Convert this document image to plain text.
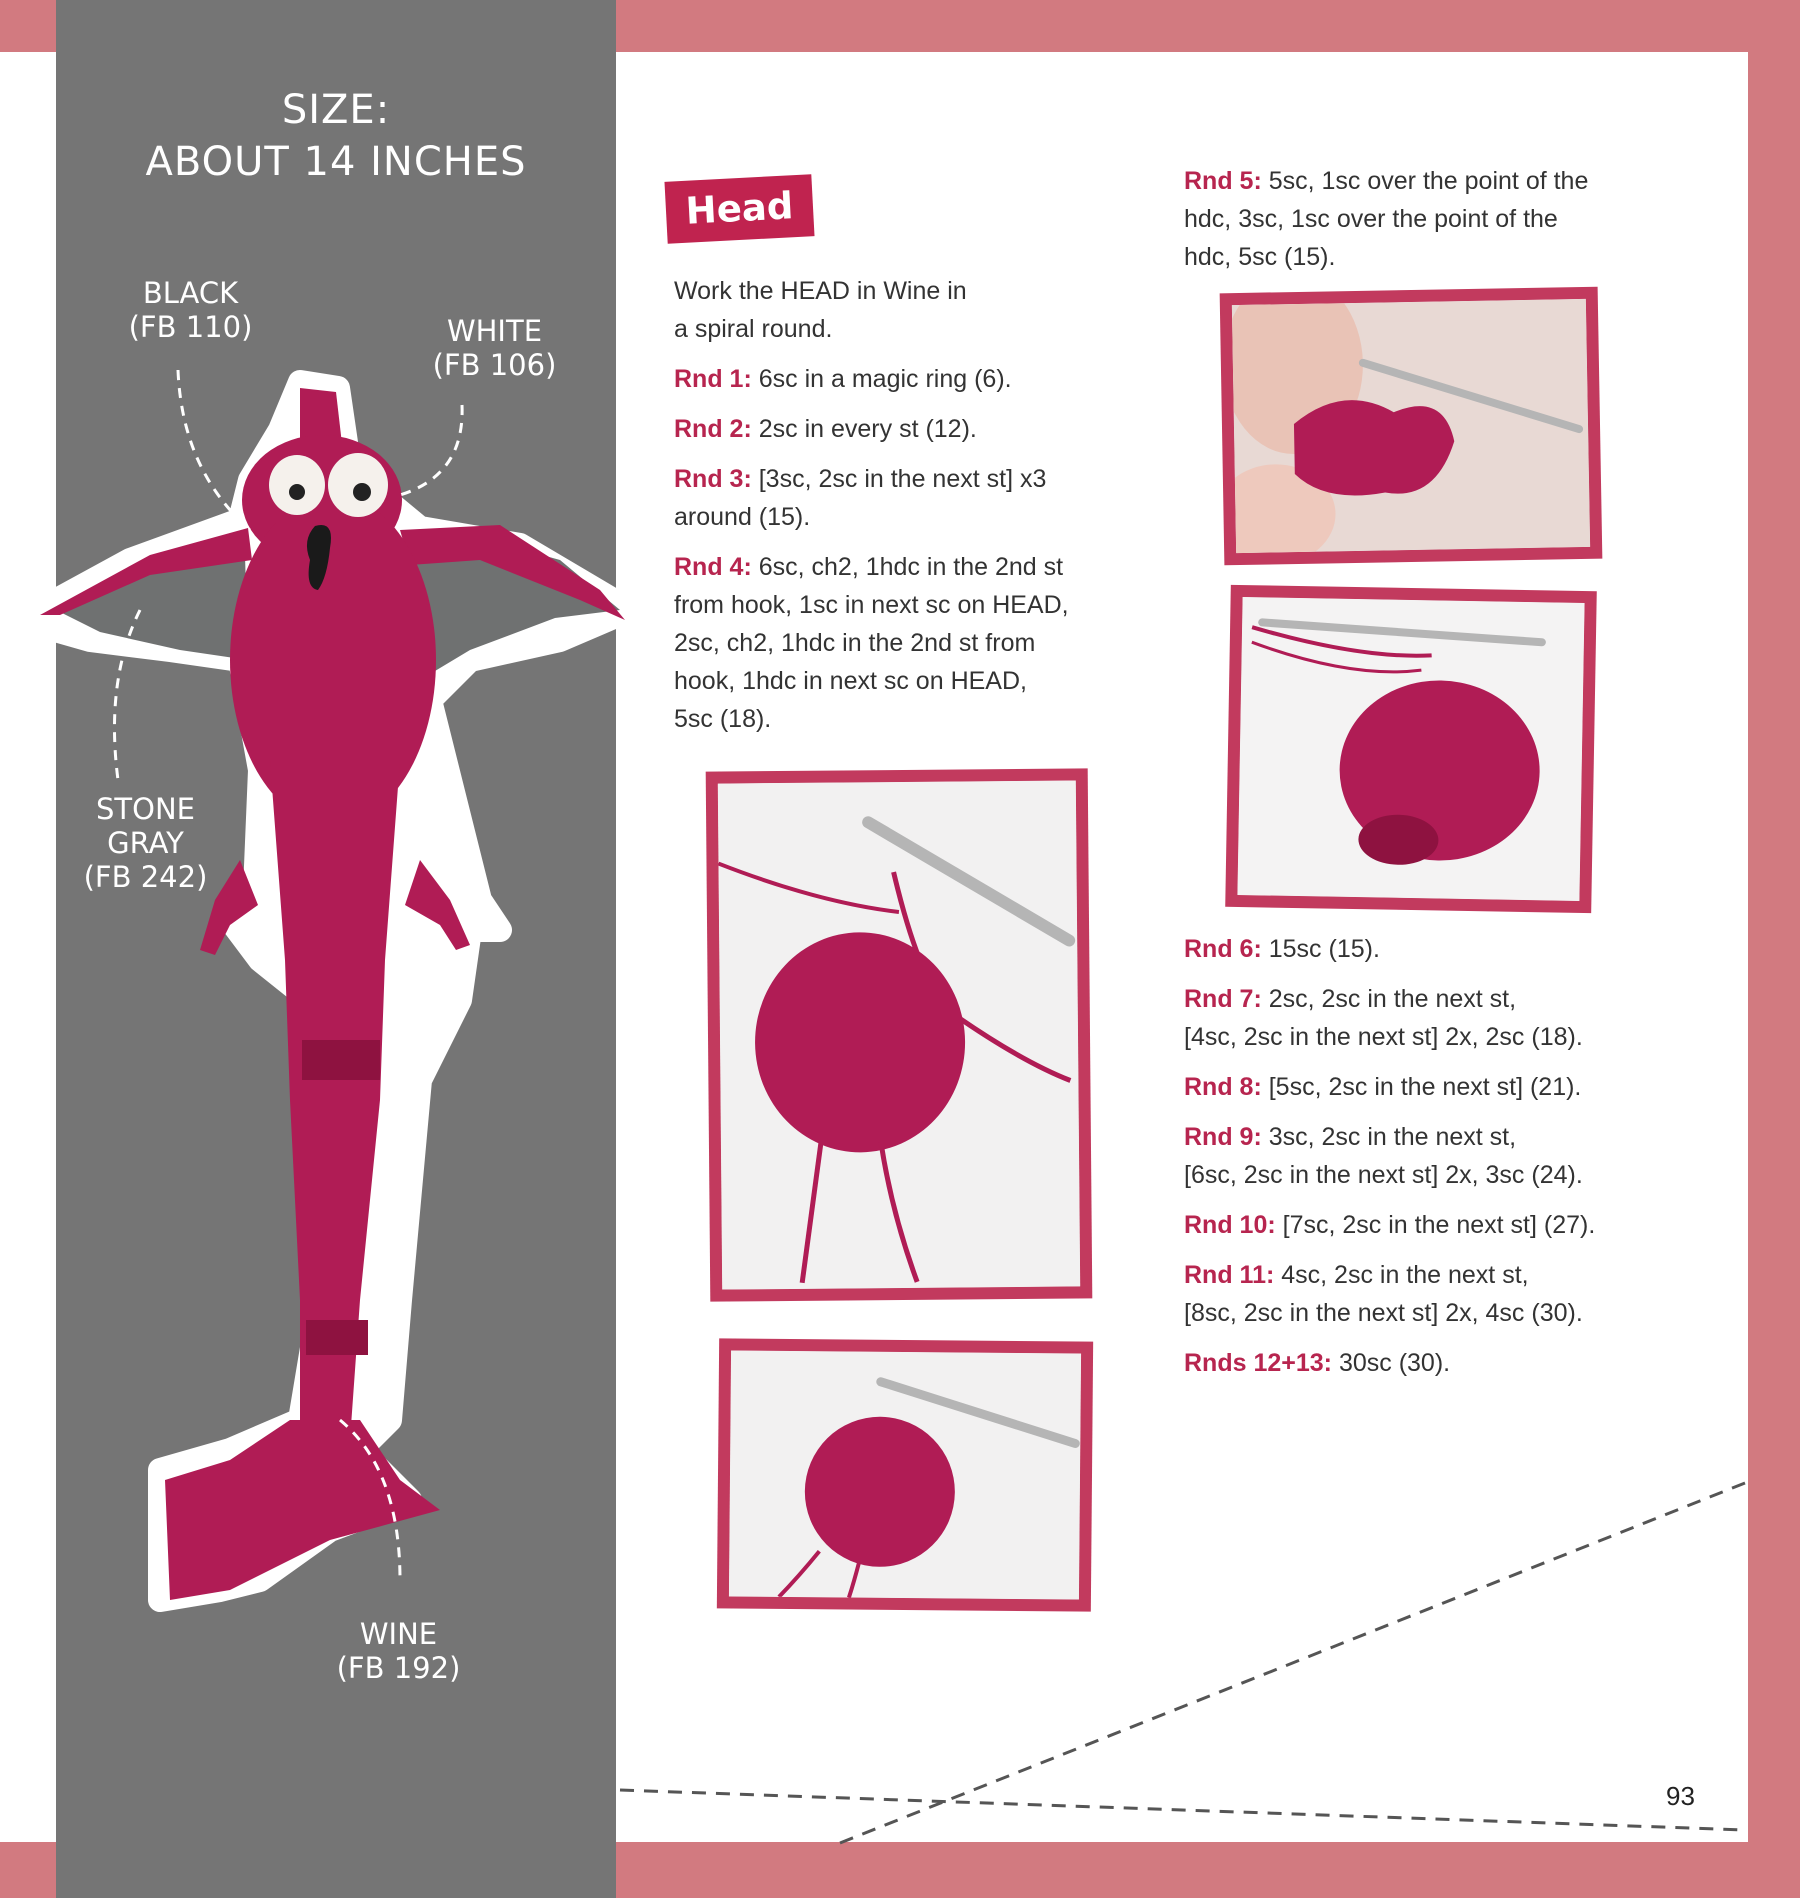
SIZE:
ABOUT 14 INCHES
BLACK
(FB 110)	WHITE
(FB 106)
STONE
GRAY
(FB 242)
WINE
(FB 192)
Head

Work the HEAD in Wine in
a spiral round.

Rnd 1: 6sc in a magic ring (6).

Rnd 2: 2sc in every st (12).

Rnd 3: [3sc, 2sc in the next st] x3
around (15).

Rnd 4: 6sc, ch2, 1hdc in the 2nd st
from hook, 1sc in next sc on HEAD,
2sc, ch2, 1hdc in the 2nd st from
hook, 1hdc in next sc on HEAD,
5sc (18).

Rnd 5: 5sc, 1sc over the point of the
hdc, 3sc, 1sc over the point of the
hdc, 5sc (15).

Rnd 6: 15sc (15).

Rnd 7: 2sc, 2sc in the next st,
[4sc, 2sc in the next st] 2x, 2sc (18).

Rnd 8: [5sc, 2sc in the next st] (21).

Rnd 9: 3sc, 2sc in the next st,
[6sc, 2sc in the next st] 2x, 3sc (24).

Rnd 10: [7sc, 2sc in the next st] (27).

Rnd 11: 4sc, 2sc in the next st,
[8sc, 2sc in the next st] 2x, 4sc (30).

Rnds 12+13: 30sc (30).

93
